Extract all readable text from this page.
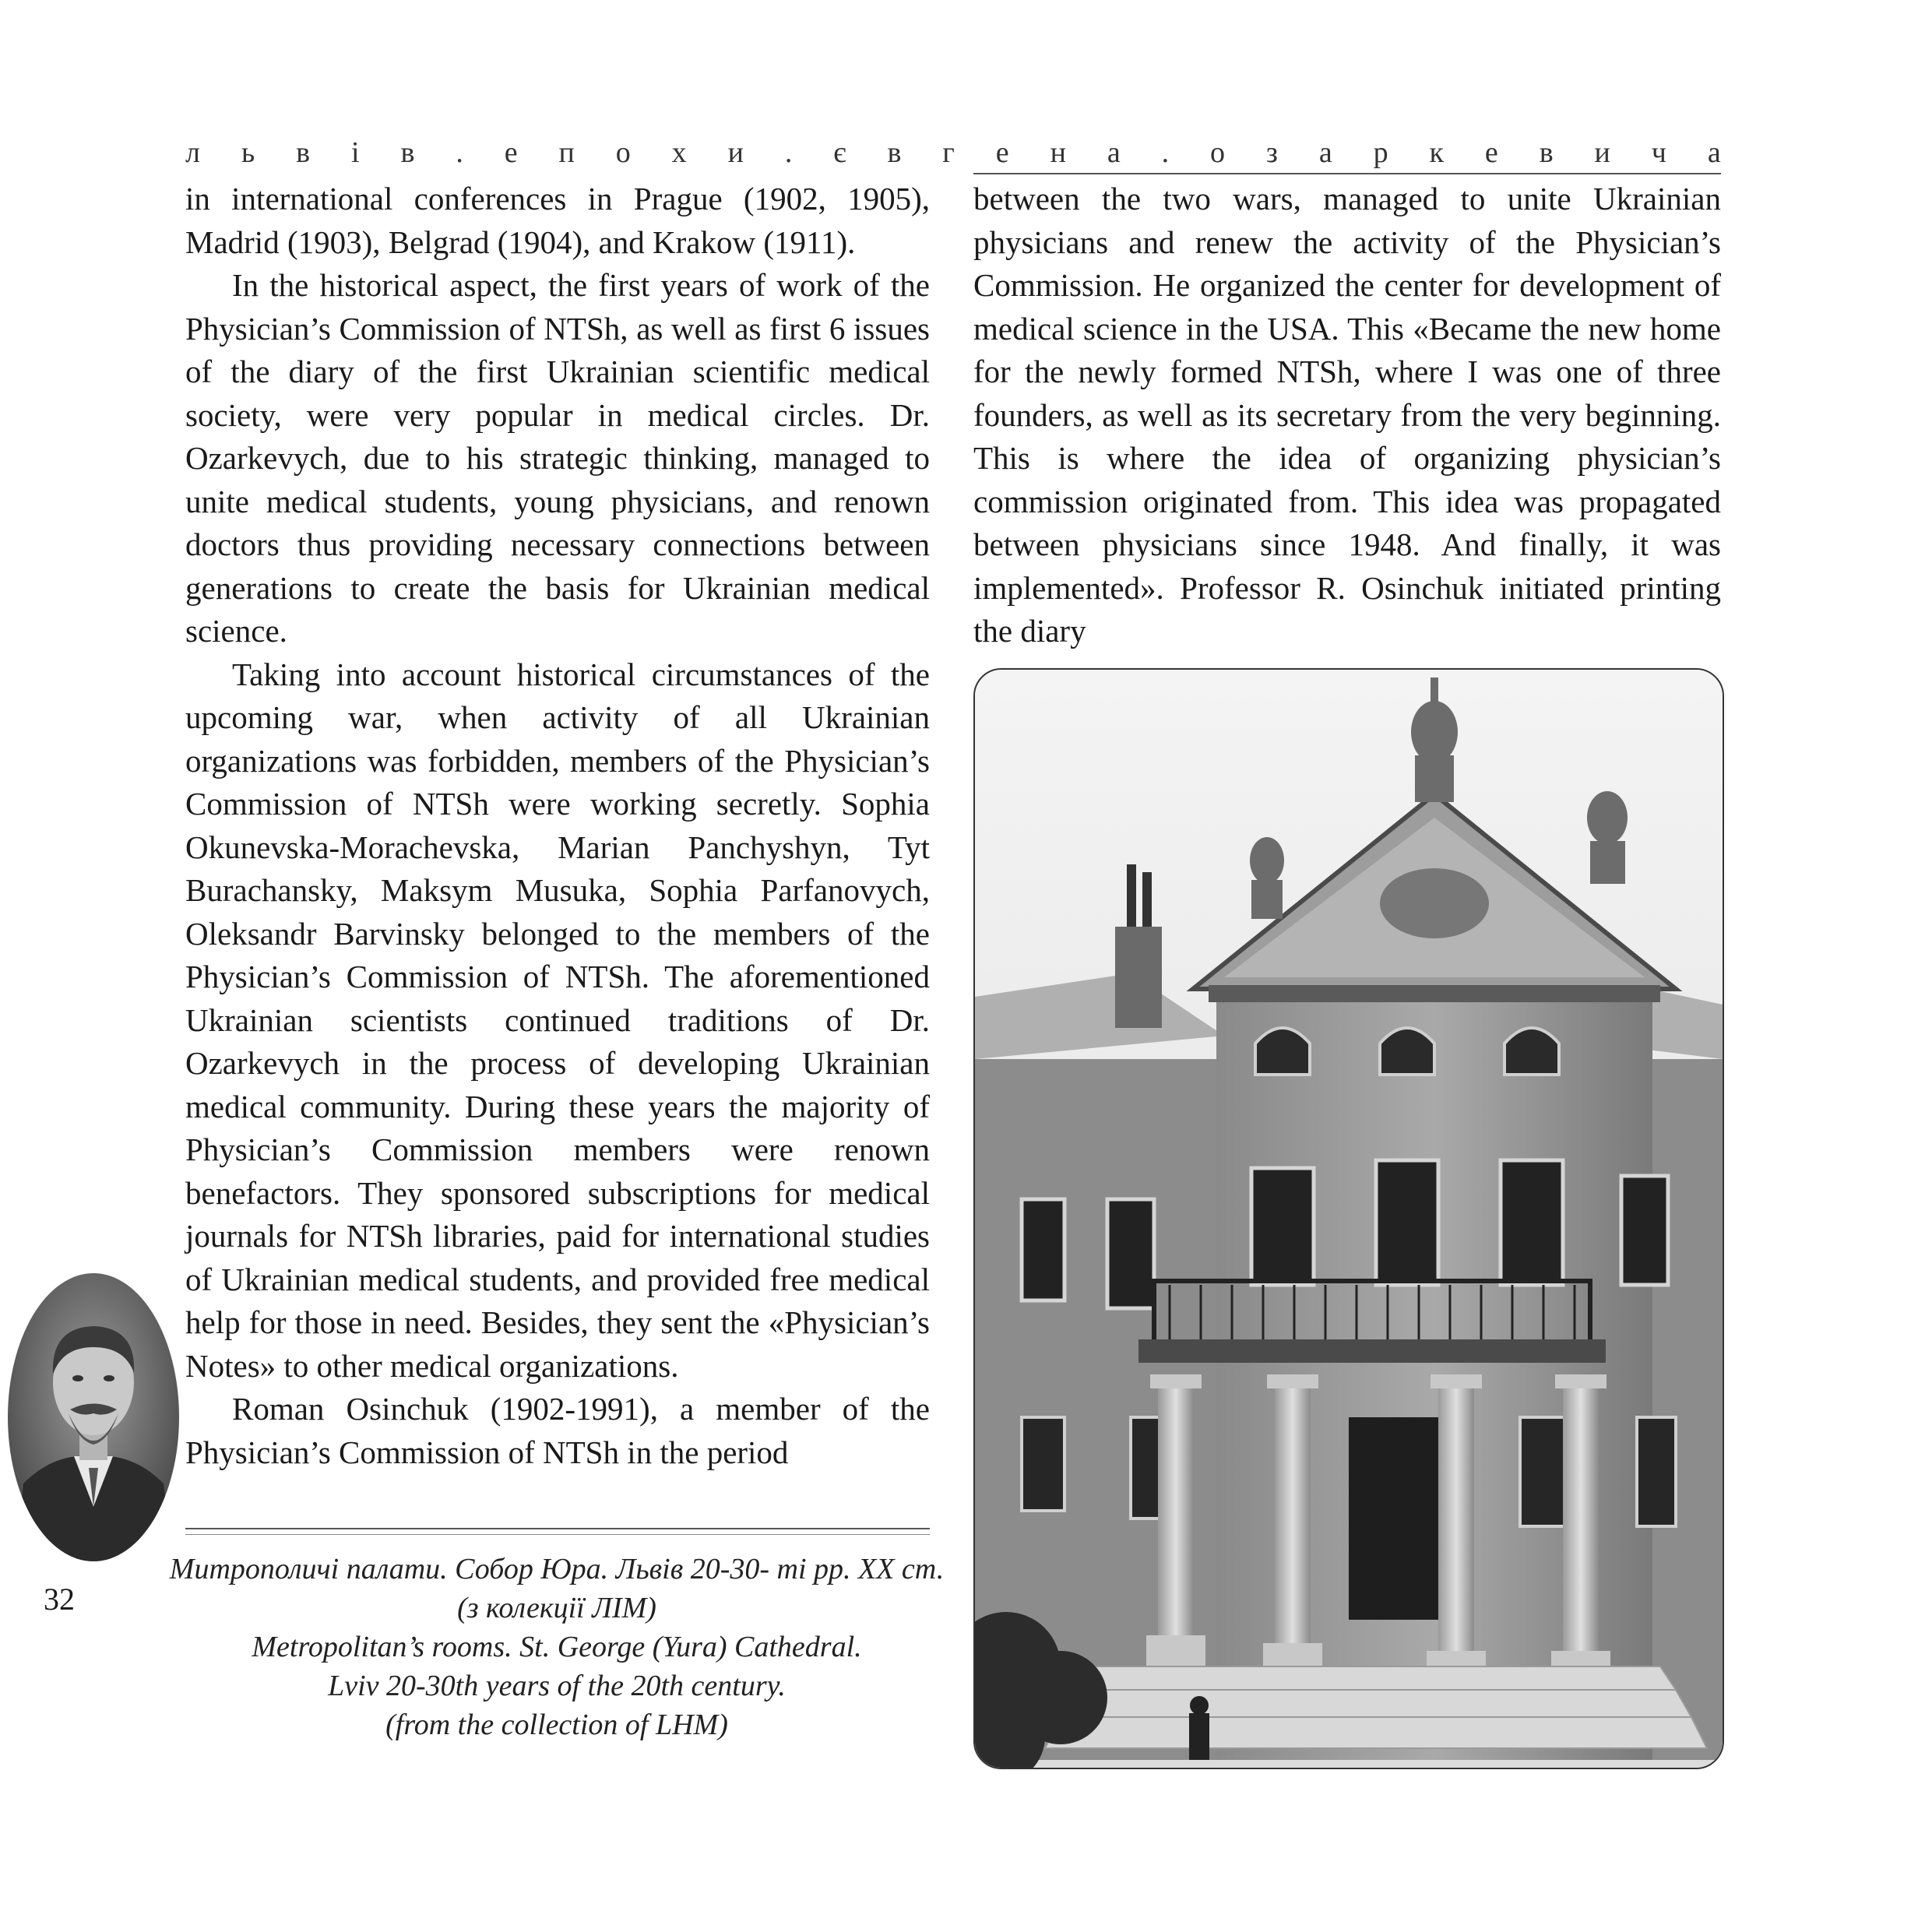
л ь в і в . е п о х и . є в г е н а . о з а р к е в и ч а

in international conferences in Prague (1902, 1905), Madrid (1903), Belgrad (1904), and Krakow (1911).

In the historical aspect, the first years of work of the Physician’s Commission of NTSh, as well as first 6 issues of the diary of the first Ukrainian scientific medical society, were very popular in medical circles. Dr. Ozarkevych, due to his strategic thinking, managed to unite medical students, young physicians, and renown doctors thus providing necessary connections between generations to create the basis for Ukrainian medical science.

Taking into account historical circumstances of the upcoming war, when activity of all Ukrainian organizations was forbidden, members of the Physician’s Commission of NTSh were working secretly. Sophia Okunevska-Morachevska, Marian Panchyshyn, Tyt Burachansky, Maksym Musuka, Sophia Parfanovych, Oleksandr Barvinsky belonged to the members of the Physician’s Commission of NTSh. The aforementioned Ukrainian scientists continued traditions of Dr. Ozarkevych in the process of developing Ukrainian medical community. During these years the majority of Physician’s Commission members were renown benefactors. They sponsored subscriptions for medical journals for NTSh libraries, paid for international studies of Ukrainian medical students, and provided free medical help for those in need. Besides, they sent the «Physician’s Notes» to other medical organizations.

Roman Osinchuk (1902-1991), a member of the Physician’s Commission of NTSh in the period

between the two wars, managed to unite Ukrainian physicians and renew the activity of the Physician’s Commission. He organized the center for development of medical science in the USA. This «Became the new home for the newly formed NTSh, where I was one of three founders, as well as its secretary from the very beginning. This is where the idea of organizing physician’s commission originated from. This idea was propagated between physicians since 1948. And finally, it was implemented». Professor R. Osinchuk initiated printing the diary

Митрополичі палати. Собор Юра. Львів 20-30- ті рр. ХХ ст.
(з колекції ЛІМ)
Metropolitan’s rooms. St. George (Yura) Cathedral.
Lviv 20-30th years of the 20th century.
(from the collection of LHM)
32
